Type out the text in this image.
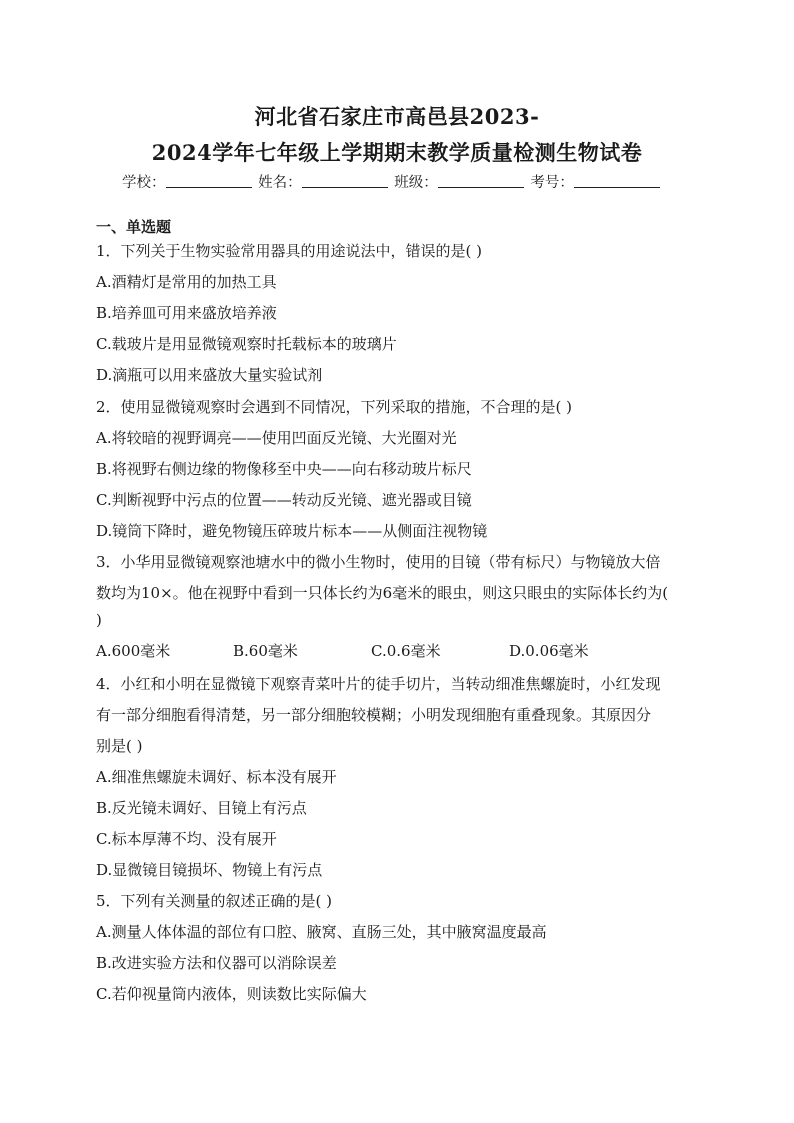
河北省石家庄市高邑县2023-
2024学年七年级上学期期末教学质量检测生物试卷
学校：	姓名：	班级：	考号：
一、单选题
1．下列关于生物实验常用器具的用途说法中，错误的是( )
A.酒精灯是常用的加热工具
B.培养皿可用来盛放培养液
C.载玻片是用显微镜观察时托载标本的玻璃片
D.滴瓶可以用来盛放大量实验试剂
2．使用显微镜观察时会遇到不同情况，下列采取的措施，不合理的是( )
A.将较暗的视野调亮——使用凹面反光镜、大光圈对光
B.将视野右侧边缘的物像移至中央——向右移动玻片标尺
C.判断视野中污点的位置——转动反光镜、遮光器或目镜
D.镜筒下降时，避免物镜压碎玻片标本——从侧面注视物镜
3．小华用显微镜观察池塘水中的微小生物时，使用的目镜（带有标尺）与物镜放大倍
数均为10×。他在视野中看到一只体长约为6毫米的眼虫，则这只眼虫的实际体长约为(
)
A.600毫米	B.60毫米	C.0.6毫米	D.0.06毫米
4．小红和小明在显微镜下观察青菜叶片的徒手切片，当转动细准焦螺旋时，小红发现
有一部分细胞看得清楚，另一部分细胞较模糊；小明发现细胞有重叠现象。其原因分
别是( )
A.细准焦螺旋未调好、标本没有展开
B.反光镜未调好、目镜上有污点
C.标本厚薄不均、没有展开
D.显微镜目镜损坏、物镜上有污点
5．下列有关测量的叙述正确的是( )
A.测量人体体温的部位有口腔、腋窝、直肠三处，其中腋窝温度最高
B.改进实验方法和仪器可以消除误差
C.若仰视量筒内液体，则读数比实际偏大
